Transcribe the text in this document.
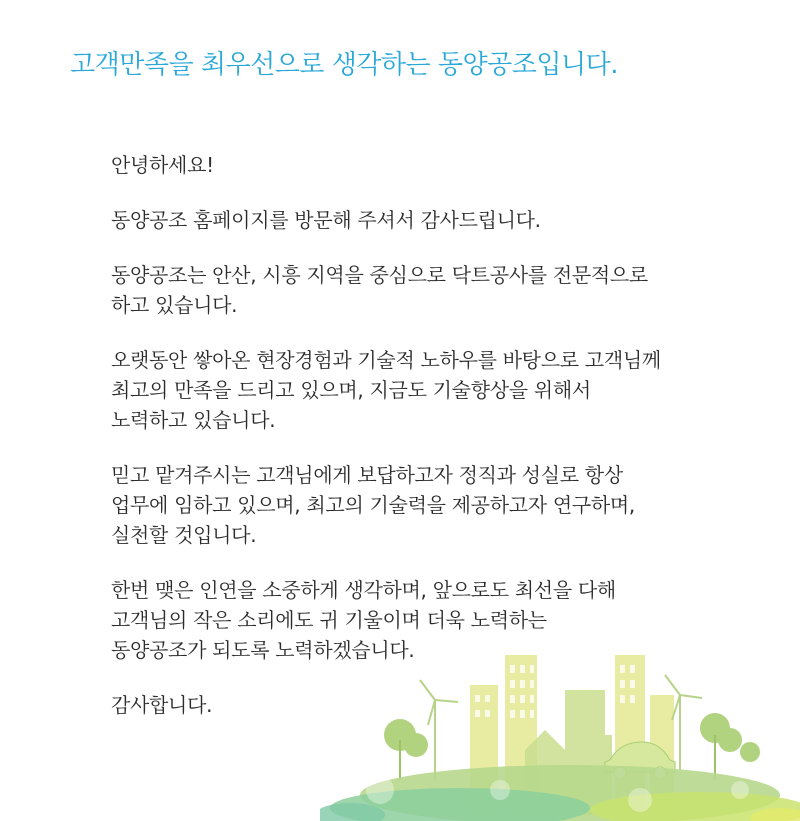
고객만족을 최우선으로 생각하는 동양공조입니다.

안녕하세요!

동양공조 홈페이지를 방문해 주셔서 감사드립니다.

동양공조는 안산, 시흥 지역을 중심으로 닥트공사를 전문적으로
하고 있습니다.

오랫동안 쌓아온 현장경험과 기술적 노하우를 바탕으로 고객님께
최고의 만족을 드리고 있으며, 지금도 기술향상을 위해서
노력하고 있습니다.

믿고 맡겨주시는 고객님에게 보답하고자 정직과 성실로 항상
업무에 임하고 있으며, 최고의 기술력을 제공하고자 연구하며,
실천할 것입니다.

한번 맺은 인연을 소중하게 생각하며, 앞으로도 최선을 다해
고객님의 작은 소리에도 귀 기울이며 더욱 노력하는
동양공조가 되도록 노력하겠습니다.

감사합니다.
